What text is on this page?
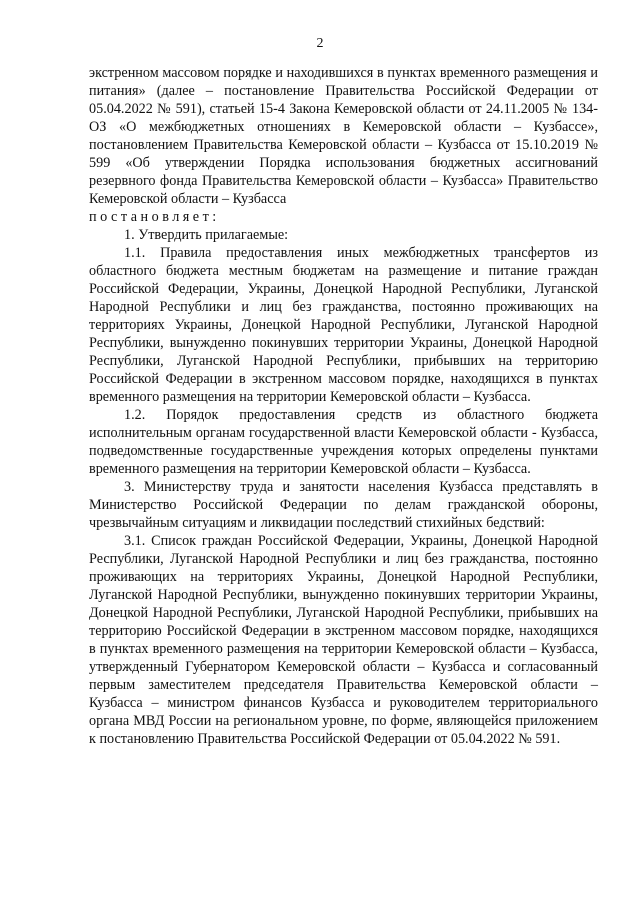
2

экстренном массовом порядке и находившихся в пунктах временного размещения и питания» (далее – постановление Правительства Российской Федерации от 05.04.2022 № 591), статьей 15-4 Закона Кемеровской области от 24.11.2005 № 134-ОЗ «О межбюджетных отношениях в Кемеровской области – Кузбассе», постановлением Правительства Кемеровской области – Кузбасса от 15.10.2019 № 599 «Об утверждении Порядка использования бюджетных ассигнований резервного фонда Правительства Кемеровской области – Кузбасса» Правительство Кемеровской области – Кузбасса

постановляет:

1. Утвердить прилагаемые:

1.1. Правила предоставления иных межбюджетных трансфертов из областного бюджета местным бюджетам на размещение и питание граждан Российской Федерации, Украины, Донецкой Народной Республики, Луганской Народной Республики и лиц без гражданства, постоянно проживающих на территориях Украины, Донецкой Народной Республики, Луганской Народной Республики, вынужденно покинувших территории Украины, Донецкой Народной Республики, Луганской Народной Республики, прибывших на территорию Российской Федерации в экстренном массовом порядке, находящихся в пунктах временного размещения на территории Кемеровской области – Кузбасса.

1.2. Порядок предоставления средств из областного бюджета исполнительным органам государственной власти Кемеровской области - Кузбасса, подведомственные государственные учреждения которых определены пунктами временного размещения на территории Кемеровской области – Кузбасса.

3. Министерству труда и занятости населения Кузбасса представлять в Министерство Российской Федерации по делам гражданской обороны, чрезвычайным ситуациям и ликвидации последствий стихийных бедствий:

3.1. Список граждан Российской Федерации, Украины, Донецкой Народной Республики, Луганской Народной Республики и лиц без гражданства, постоянно проживающих на территориях Украины, Донецкой Народной Республики, Луганской Народной Республики, вынужденно покинувших территории Украины, Донецкой Народной Республики, Луганской Народной Республики, прибывших на территорию Российской Федерации в экстренном массовом порядке, находящихся в пунктах временного размещения на территории Кемеровской области – Кузбасса, утвержденный Губернатором Кемеровской области – Кузбасса и согласованный первым заместителем председателя Правительства Кемеровской области – Кузбасса – министром финансов Кузбасса и руководителем территориального органа МВД России на региональном уровне, по форме, являющейся приложением к постановлению Правительства Российской Федерации от 05.04.2022 № 591.
